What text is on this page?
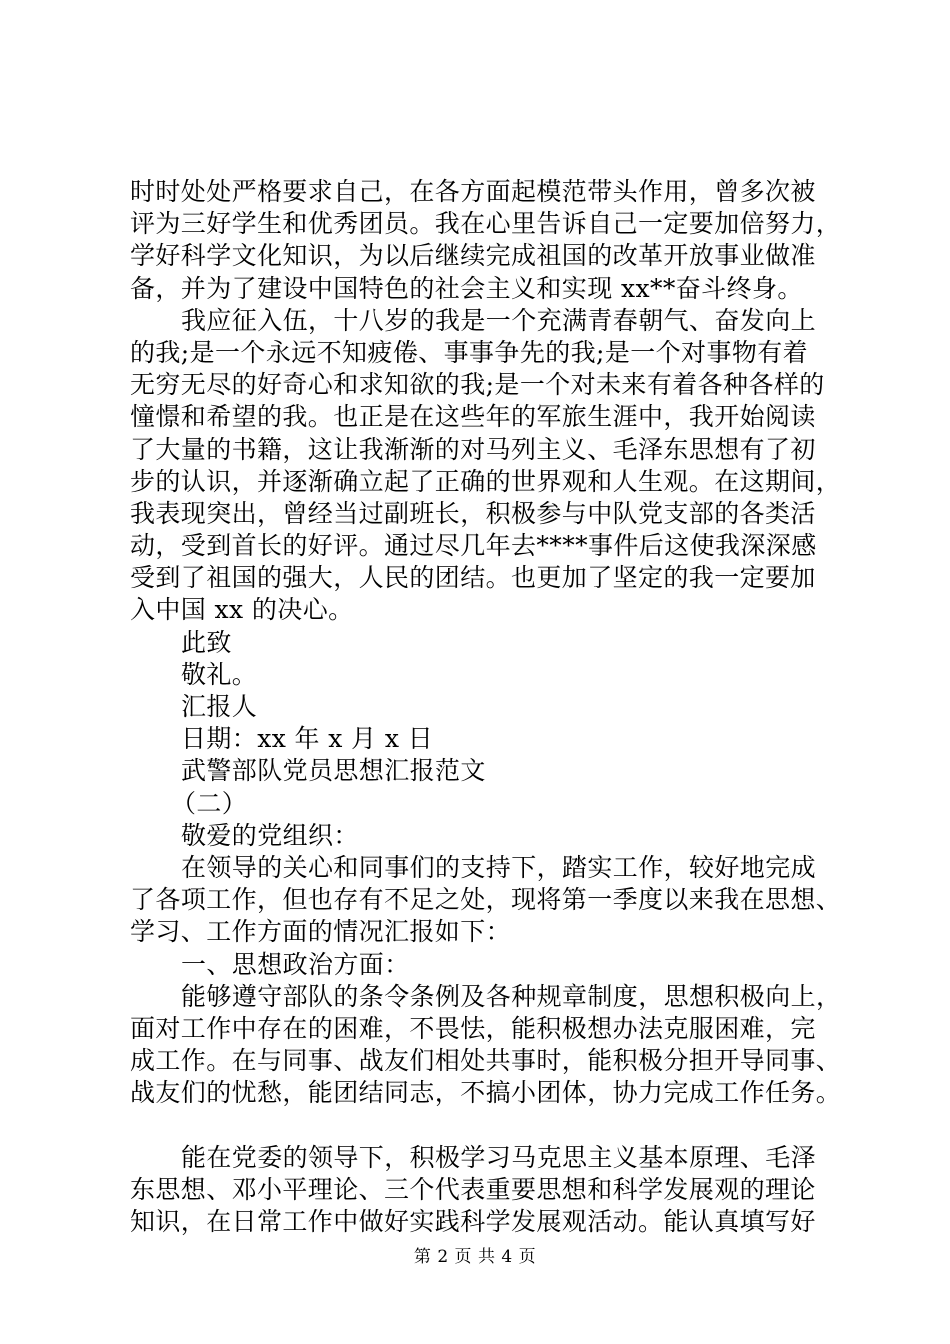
时时处处严格要求自己，在各方面起模范带头作用，曾多次被
评为三好学生和优秀团员。我在心里告诉自己一定要加倍努力，
学好科学文化知识，为以后继续完成祖国的改革开放事业做准
备，并为了建设中国特色的社会主义和实现 xx**奋斗终身。
我应征入伍，十八岁的我是一个充满青春朝气、奋发向上
的我;是一个永远不知疲倦、事事争先的我;是一个对事物有着
无穷无尽的好奇心和求知欲的我;是一个对未来有着各种各样的
憧憬和希望的我。也正是在这些年的军旅生涯中，我开始阅读
了大量的书籍，这让我渐渐的对马列主义、毛泽东思想有了初
步的认识，并逐渐确立起了正确的世界观和人生观。在这期间，
我表现突出，曾经当过副班长，积极参与中队党支部的各类活
动，受到首长的好评。通过尽几年去****事件后这使我深深感
受到了祖国的强大，人民的团结。也更加了坚定的我一定要加
入中国 xx 的决心。
此致
敬礼。
汇报人
日期：xx 年 x 月 x 日
武警部队党员思想汇报范文
（二）
敬爱的党组织：
在领导的关心和同事们的支持下，踏实工作，较好地完成
了各项工作，但也存有不足之处，现将第一季度以来我在思想、
学习、工作方面的情况汇报如下：
一、思想政治方面：
能够遵守部队的条令条例及各种规章制度，思想积极向上，
面对工作中存在的困难，不畏怯，能积极想办法克服困难，完
成工作。在与同事、战友们相处共事时，能积极分担开导同事、
战友们的忧愁，能团结同志，不搞小团体，协力完成工作任务。
能在党委的领导下，积极学习马克思主义基本原理、毛泽
东思想、邓小平理论、三个代表重要思想和科学发展观的理论
知识，在日常工作中做好实践科学发展观活动。能认真填写好
第 2 页 共 4 页
